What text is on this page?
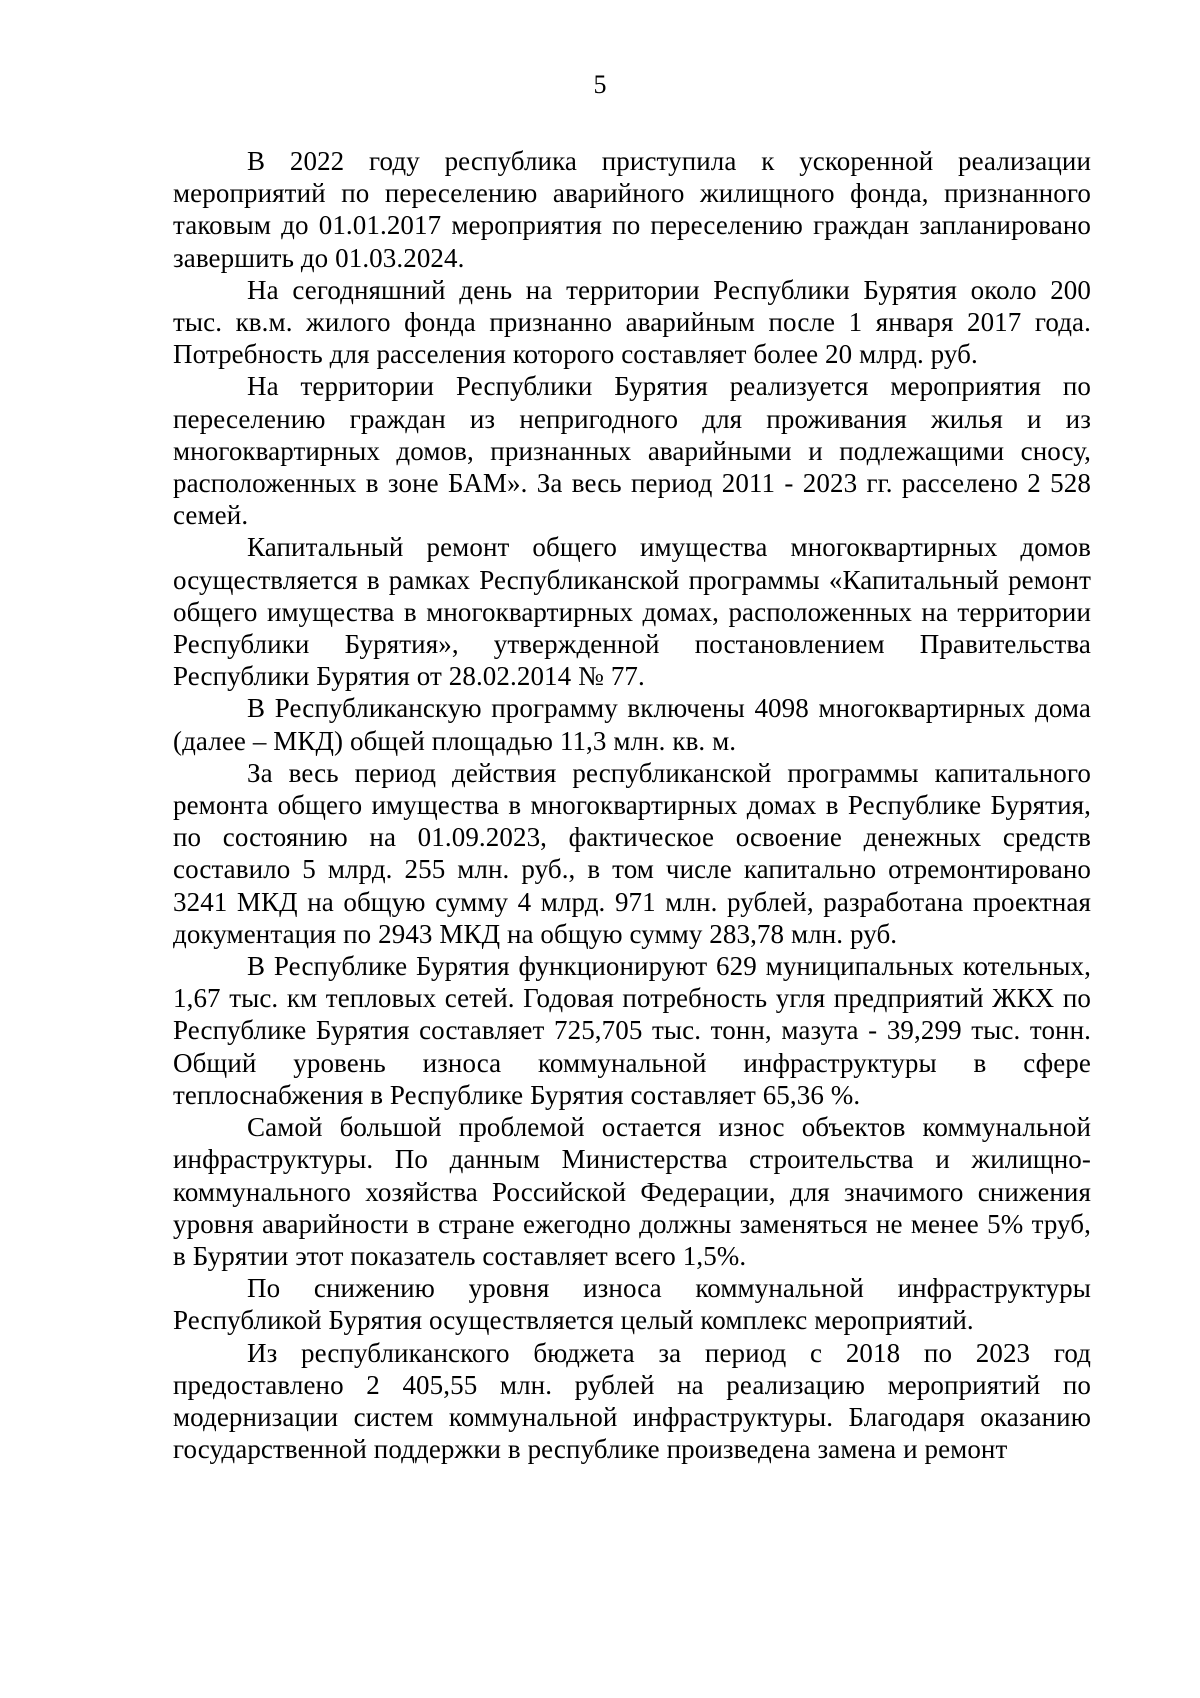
5

В 2022 году республика приступила к ускоренной реализации мероприятий по переселению аварийного жилищного фонда, признанного таковым до 01.01.2017 мероприятия по переселению граждан запланировано завершить до 01.03.2024.

На сегодняшний день на территории Республики Бурятия около 200 тыс. кв.м. жилого фонда признанно аварийным после 1 января 2017 года. Потребность для расселения которого составляет более 20 млрд. руб.

На территории Республики Бурятия реализуется мероприятия по переселению граждан из непригодного для проживания жилья и из многоквартирных домов, признанных аварийными и подлежащими сносу, расположенных в зоне БАМ». За весь период 2011 - 2023 гг. расселено 2 528 семей.

Капитальный ремонт общего имущества многоквартирных домов осуществляется в рамках Республиканской программы «Капитальный ремонт общего имущества в многоквартирных домах, расположенных на территории Республики Бурятия», утвержденной постановлением Правительства Республики Бурятия от 28.02.2014 № 77.

В Республиканскую программу включены 4098 многоквартирных дома (далее – МКД) общей площадью 11,3 млн. кв. м.

За весь период действия республиканской программы капитального ремонта общего имущества в многоквартирных домах в Республике Бурятия, по состоянию на 01.09.2023, фактическое освоение денежных средств составило 5 млрд. 255 млн. руб., в том числе капитально отремонтировано 3241 МКД на общую сумму 4 млрд. 971 млн. рублей, разработана проектная документация по 2943 МКД на общую сумму 283,78 млн. руб.

В Республике Бурятия функционируют 629 муниципальных котельных, 1,67 тыс. км тепловых сетей. Годовая потребность угля предприятий ЖКХ по Республике Бурятия составляет 725,705 тыс. тонн, мазута - 39,299 тыс. тонн. Общий уровень износа коммунальной инфраструктуры в сфере теплоснабжения в Республике Бурятия составляет 65,36 %.

Самой большой проблемой остается износ объектов коммунальной инфраструктуры. По данным Министерства строительства и жилищно-коммунального хозяйства Российской Федерации, для значимого снижения уровня аварийности в стране ежегодно должны заменяться не менее 5% труб, в Бурятии этот показатель составляет всего 1,5%.

По снижению уровня износа коммунальной инфраструктуры Республикой Бурятия осуществляется целый комплекс мероприятий.

Из республиканского бюджета за период с 2018 по 2023 год предоставлено 2 405,55 млн. рублей на реализацию мероприятий по модернизации систем коммунальной инфраструктуры. Благодаря оказанию государственной поддержки в республике произведена замена и ремонт
